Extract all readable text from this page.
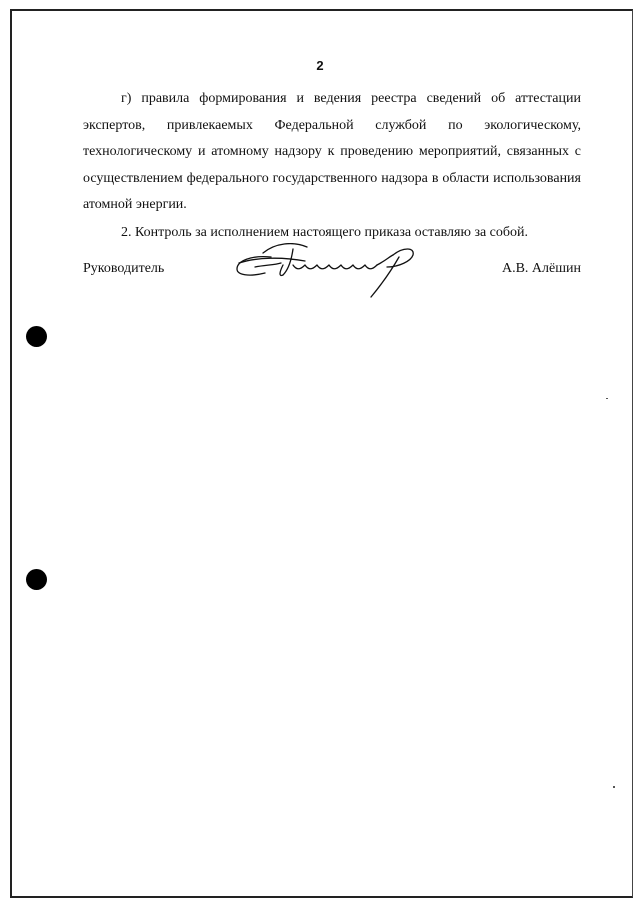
2

г) правила формирования и ведения реестра сведений об аттестации экспертов, привлекаемых Федеральной службой по экологическому, технологическому и атомному надзору к проведению мероприятий, связанных с осуществлением федерального государственного надзора в области использования атомной энергии.

2. Контроль за исполнением настоящего приказа оставляю за собой.

Руководитель	А.В. Алёшин
